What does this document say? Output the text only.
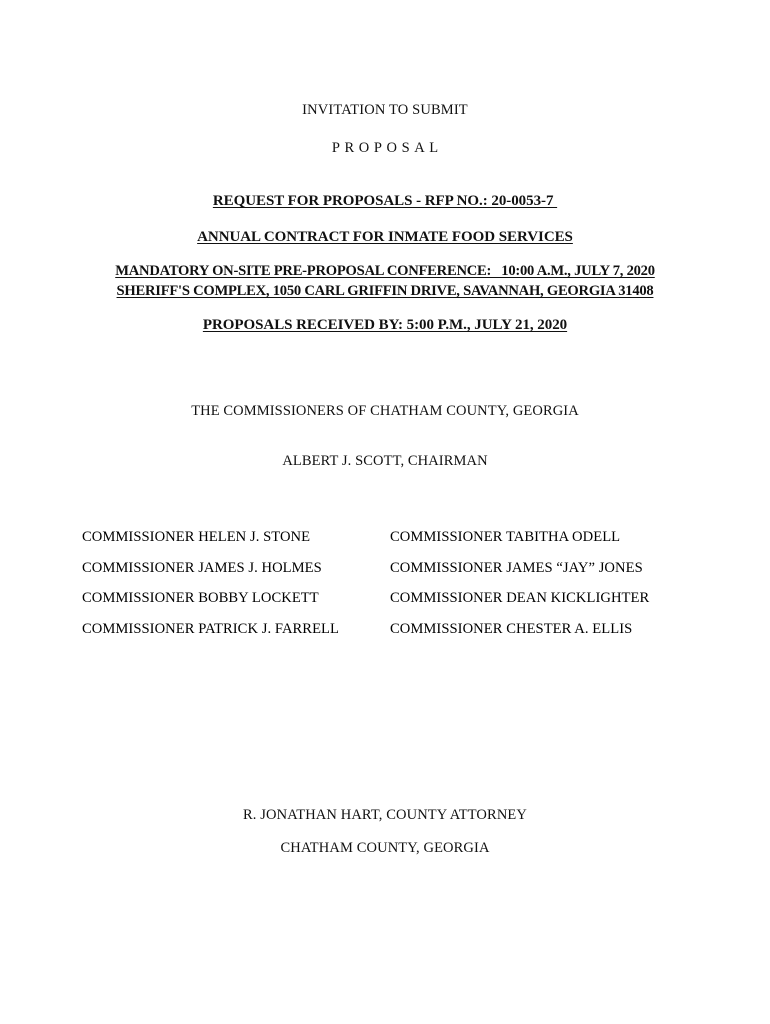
INVITATION TO SUBMIT
PROPOSAL
REQUEST FOR PROPOSALS - RFP NO.: 20-0053-7
ANNUAL CONTRACT FOR INMATE FOOD SERVICES
MANDATORY ON-SITE PRE-PROPOSAL CONFERENCE:   10:00 A.M., JULY 7, 2020
SHERIFF'S COMPLEX, 1050 CARL GRIFFIN DRIVE, SAVANNAH, GEORGIA 31408
PROPOSALS RECEIVED BY: 5:00 P.M., JULY 21, 2020
THE COMMISSIONERS OF CHATHAM COUNTY, GEORGIA
ALBERT J. SCOTT, CHAIRMAN
COMMISSIONER HELEN J. STONE
COMMISSIONER JAMES J. HOLMES
COMMISSIONER BOBBY LOCKETT
COMMISSIONER PATRICK J. FARRELL
COMMISSIONER TABITHA ODELL
COMMISSIONER JAMES “JAY” JONES
COMMISSIONER DEAN KICKLIGHTER
COMMISSIONER CHESTER A. ELLIS
R. JONATHAN HART, COUNTY ATTORNEY
CHATHAM COUNTY, GEORGIA
